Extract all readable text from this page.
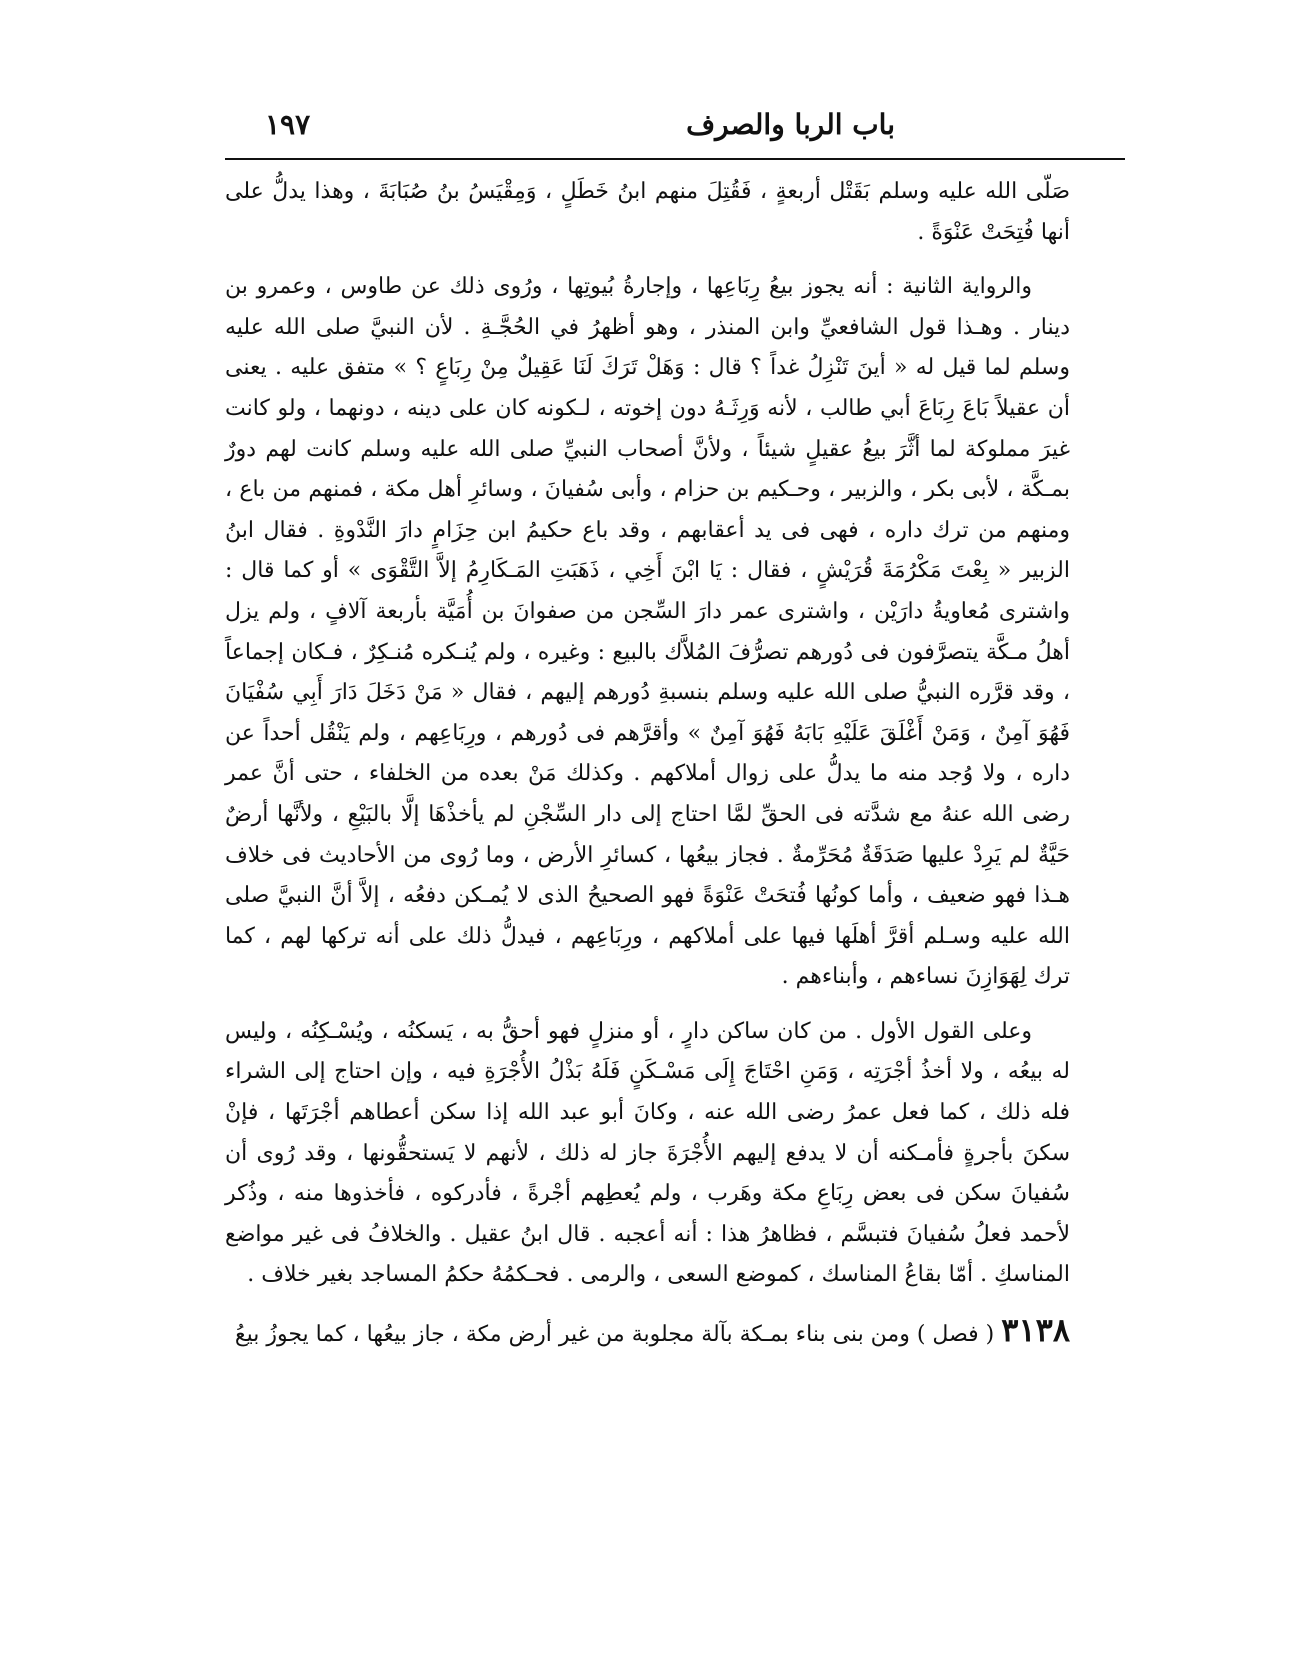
باب الربا والصرف
١٩٧

صَلّى الله عليه وسلم بَقَتْل أربعةٍ ، فَقُتِلَ منهم ابنُ خَطَلٍ ، وَمِقْيَسُ بنُ صُبَابَةَ ، وهذا يدلُّ على أنها فُتِحَتْ عَنْوَةً .

والرواية الثانية : أنه يجوز بيعُ رِبَاعِها ، وإجارةُ بُيوتِها ، ورُوى ذلك عن طاوس ، وعمرو بن دينار . وهـذا قول الشافعيِّ وابن المنذر ، وهو أظهرُ في الحُجَّـةِ . لأن النبيَّ صلى الله عليه وسلم لما قيل له « أينَ تَنْزِلُ غداً ؟ قال : وَهَلْ تَرَكَ لَنَا عَقِيلٌ مِنْ رِبَاعٍ ؟ » متفق عليه . يعنى أن عقيلاً بَاعَ رِبَاعَ أبي طالب ، لأنه وَرِثَـهُ دون إخوته ، لـكونه كان على دينه ، دونهما ، ولو كانت غيرَ مملوكة لما أثَّرَ بيعُ عقيلٍ شيئاً ، ولأنَّ أصحاب النبيِّ صلى الله عليه وسلم كانت لهم دورٌ بمـكَّة ، لأبى بكر ، والزبير ، وحـكيم بن حزام ، وأبى سُفيانَ ، وسائرِ أهل مكة ، فمنهم من باع ، ومنهم من ترك داره ، فهى فى يد أعقابهم ، وقد باع حكيمُ ابن حِزَامٍ دارَ النَّدْوةِ . فقال ابنُ الزبير « بِعْتَ مَكْرُمَةَ قُرَيْشٍ ، فقال : يَا ابْنَ أَخِي ، ذَهَبَتِ المَـكَارِمُ إلاَّ التَّقْوَى » أو كما قال : واشترى مُعاويةُ دارَيْن ، واشترى عمر دارَ السِّجن من صفوانَ بن أُمَيَّة بأربعة آلافٍ ، ولم يزل أهلُ مـكَّة يتصرَّفون فى دُورهم تصرُّفَ المُلاَّك بالبيع : وغيره ، ولم يُنـكره مُنـكِرٌ ، فـكان إجماعاً ، وقد قرَّره النبيُّ صلى الله عليه وسلم بنسبةِ دُورهم إليهم ، فقال « مَنْ دَخَلَ دَارَ أَبِي سُفْيَانَ فَهُوَ آمِنٌ ، وَمَنْ أَغْلَقَ عَلَيْهِ بَابَهُ فَهُوَ آمِنٌ » وأقرَّهم فى دُورهم ، ورِبَاعِهم ، ولم يَنْقُل أحداً عن داره ، ولا وُجد منه ما يدلُّ على زوال أملاكهم . وكذلك مَنْ بعده من الخلفاء ، حتى أنَّ عمر رضى الله عنهُ مع شدَّته فى الحقِّ لمَّا احتاج إلى دار السِّجْنِ لم يأخذْهَا إلَّا بالبَيْعِ ، ولأنَّها أرضٌ حَيَّةٌ لم يَرِدْ عليها صَدَقَةٌ مُحَرِّمةٌ . فجاز بيعُها ، كسائرِ الأرض ، وما رُوى من الأحاديث فى خلاف هـذا فهو ضعيف ، وأما كونُها فُتحَتْ عَنْوَةً فهو الصحيحُ الذى لا يُمـكن دفعُه ، إلاَّ أنَّ النبيَّ صلى الله عليه وسـلم أقرَّ أهلَها فيها على أملاكهم ، ورِبَاعِهم ، فيدلُّ ذلك على أنه تركها لهم ، كما ترك لِهَوَازِنَ نساءهم ، وأبناءهم .

وعلى القول الأول . من كان ساكن دارٍ ، أو منزلٍ فهو أحقُّ به ، يَسكنُه ، ويُسْـكِنُه ، وليس له بيعُه ، ولا أخذُ أجْرَتِه ، وَمَنِ احْتَاجَ إِلَى مَسْـكَنٍ فَلَهُ بَذْلُ الأُجْرَةِ فيه ، وإن احتاج إلى الشراء فله ذلك ، كما فعل عمرُ رضى الله عنه ، وكانَ أبو عبد الله إذا سكن أعطاهم أجْرَتَها ، فإنْ سكنَ بأجرةٍ فأمـكنه أن لا يدفع إليهم الأُجْرَةَ جاز له ذلك ، لأنهم لا يَستحقُّونها ، وقد رُوى أن سُفيانَ سكن فى بعض رِبَاعِ مكة وهَرب ، ولم يُعطِهم أجْرةً ، فأدركوه ، فأخذوها منه ، وذُكر لأحمد فعلُ سُفيانَ فتبسَّم ، فظاهرُ هذا : أنه أعجبه . قال ابنُ عقيل . والخلافُ فى غير مواضع المناسكِ . أمّا بقاعُ المناسك ، كموضع السعى ، والرمى . فحـكمُهُ حكمُ المساجد بغير خلاف .

٣١٣٨ ( فصل ) ومن بنى بناء بمـكة بآلة مجلوبة من غير أرض مكة ، جاز بيعُها ، كما يجوزُ بيعُ
